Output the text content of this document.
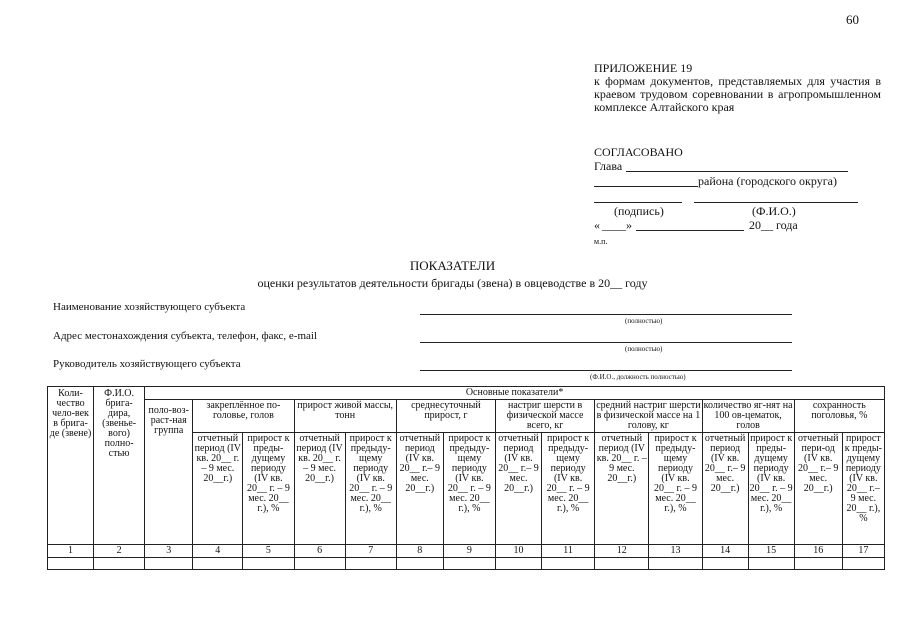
60
ПРИЛОЖЕНИЕ 19
к формам документов, представляемых для участия в краевом трудовом соревновании в агропромышленном комплексе Алтайского края
СОГЛАСОВАНО
Глава
района (городского округа)
(подпись)	(Ф.И.О.)
« ____ »	20__ года
м.п.
ПОКАЗАТЕЛИ
оценки результатов деятельности бригады (звена) в овцеводстве в 20__ году
Наименование хозяйствующего субъекта
(полностью)
Адрес местонахождения субъекта, телефон, факс, e-mail
(полностью)
Руководитель хозяйствующего субъекта
(Ф.И.О., должность полностью)
Коли-чество чело-век в брига-де (звене)	Ф.И.О. брига-дира, (звенье-вого) полно-стью	Основные показатели*														
		поло-воз-раст-ная группа	закреплённое по-головье, голов		прирост живой массы, тонн		среднесуточный прирост, г		настриг шерсти в физической массе всего, кг		средний настриг шерсти в физической массе на 1 голову, кг		количество яг-нят на 100 ов-цематок, голов		сохранность поголовья, %	
			отчетный период (IV кв. 20__ г. – 9 мес. 20__г.)	прирост к преды-дущему периоду (IV кв. 20__ г. – 9 мес. 20__ г.), %	отчетный период (IV кв. 20__ г. – 9 мес. 20__г.)	прирост к предыду-щему периоду (IV кв. 20__ г. – 9 мес. 20__ г.), %	отчетный период (IV кв. 20__ г.– 9 мес. 20__г.)	прирост к предыду-щему периоду (IV кв. 20__ г. – 9 мес. 20__ г.), %	отчетный период (IV кв. 20__ г.– 9 мес. 20__г.)	прирост к предыду-щему периоду (IV кв. 20__ г. – 9 мес. 20__ г.), %	отчетный период (IV кв. 20__ г. – 9 мес. 20__г.)	прирост к предыду-щему периоду (IV кв. 20__ г. – 9 мес. 20__ г.), %	отчетный период (IV кв. 20__ г.– 9 мес. 20__г.)	прирост к преды-дущему периоду (IV кв. 20__ г. – 9 мес. 20__ г.), %	отчетный пери-од (IV кв. 20__ г.– 9 мес. 20__г.)	прирост к преды-дущему периоду (IV кв. 20__ г.– 9 мес. 20__ г.), %
1	2	3	4	5	6	7	8	9	10	11	12	13	14	15	16	17
